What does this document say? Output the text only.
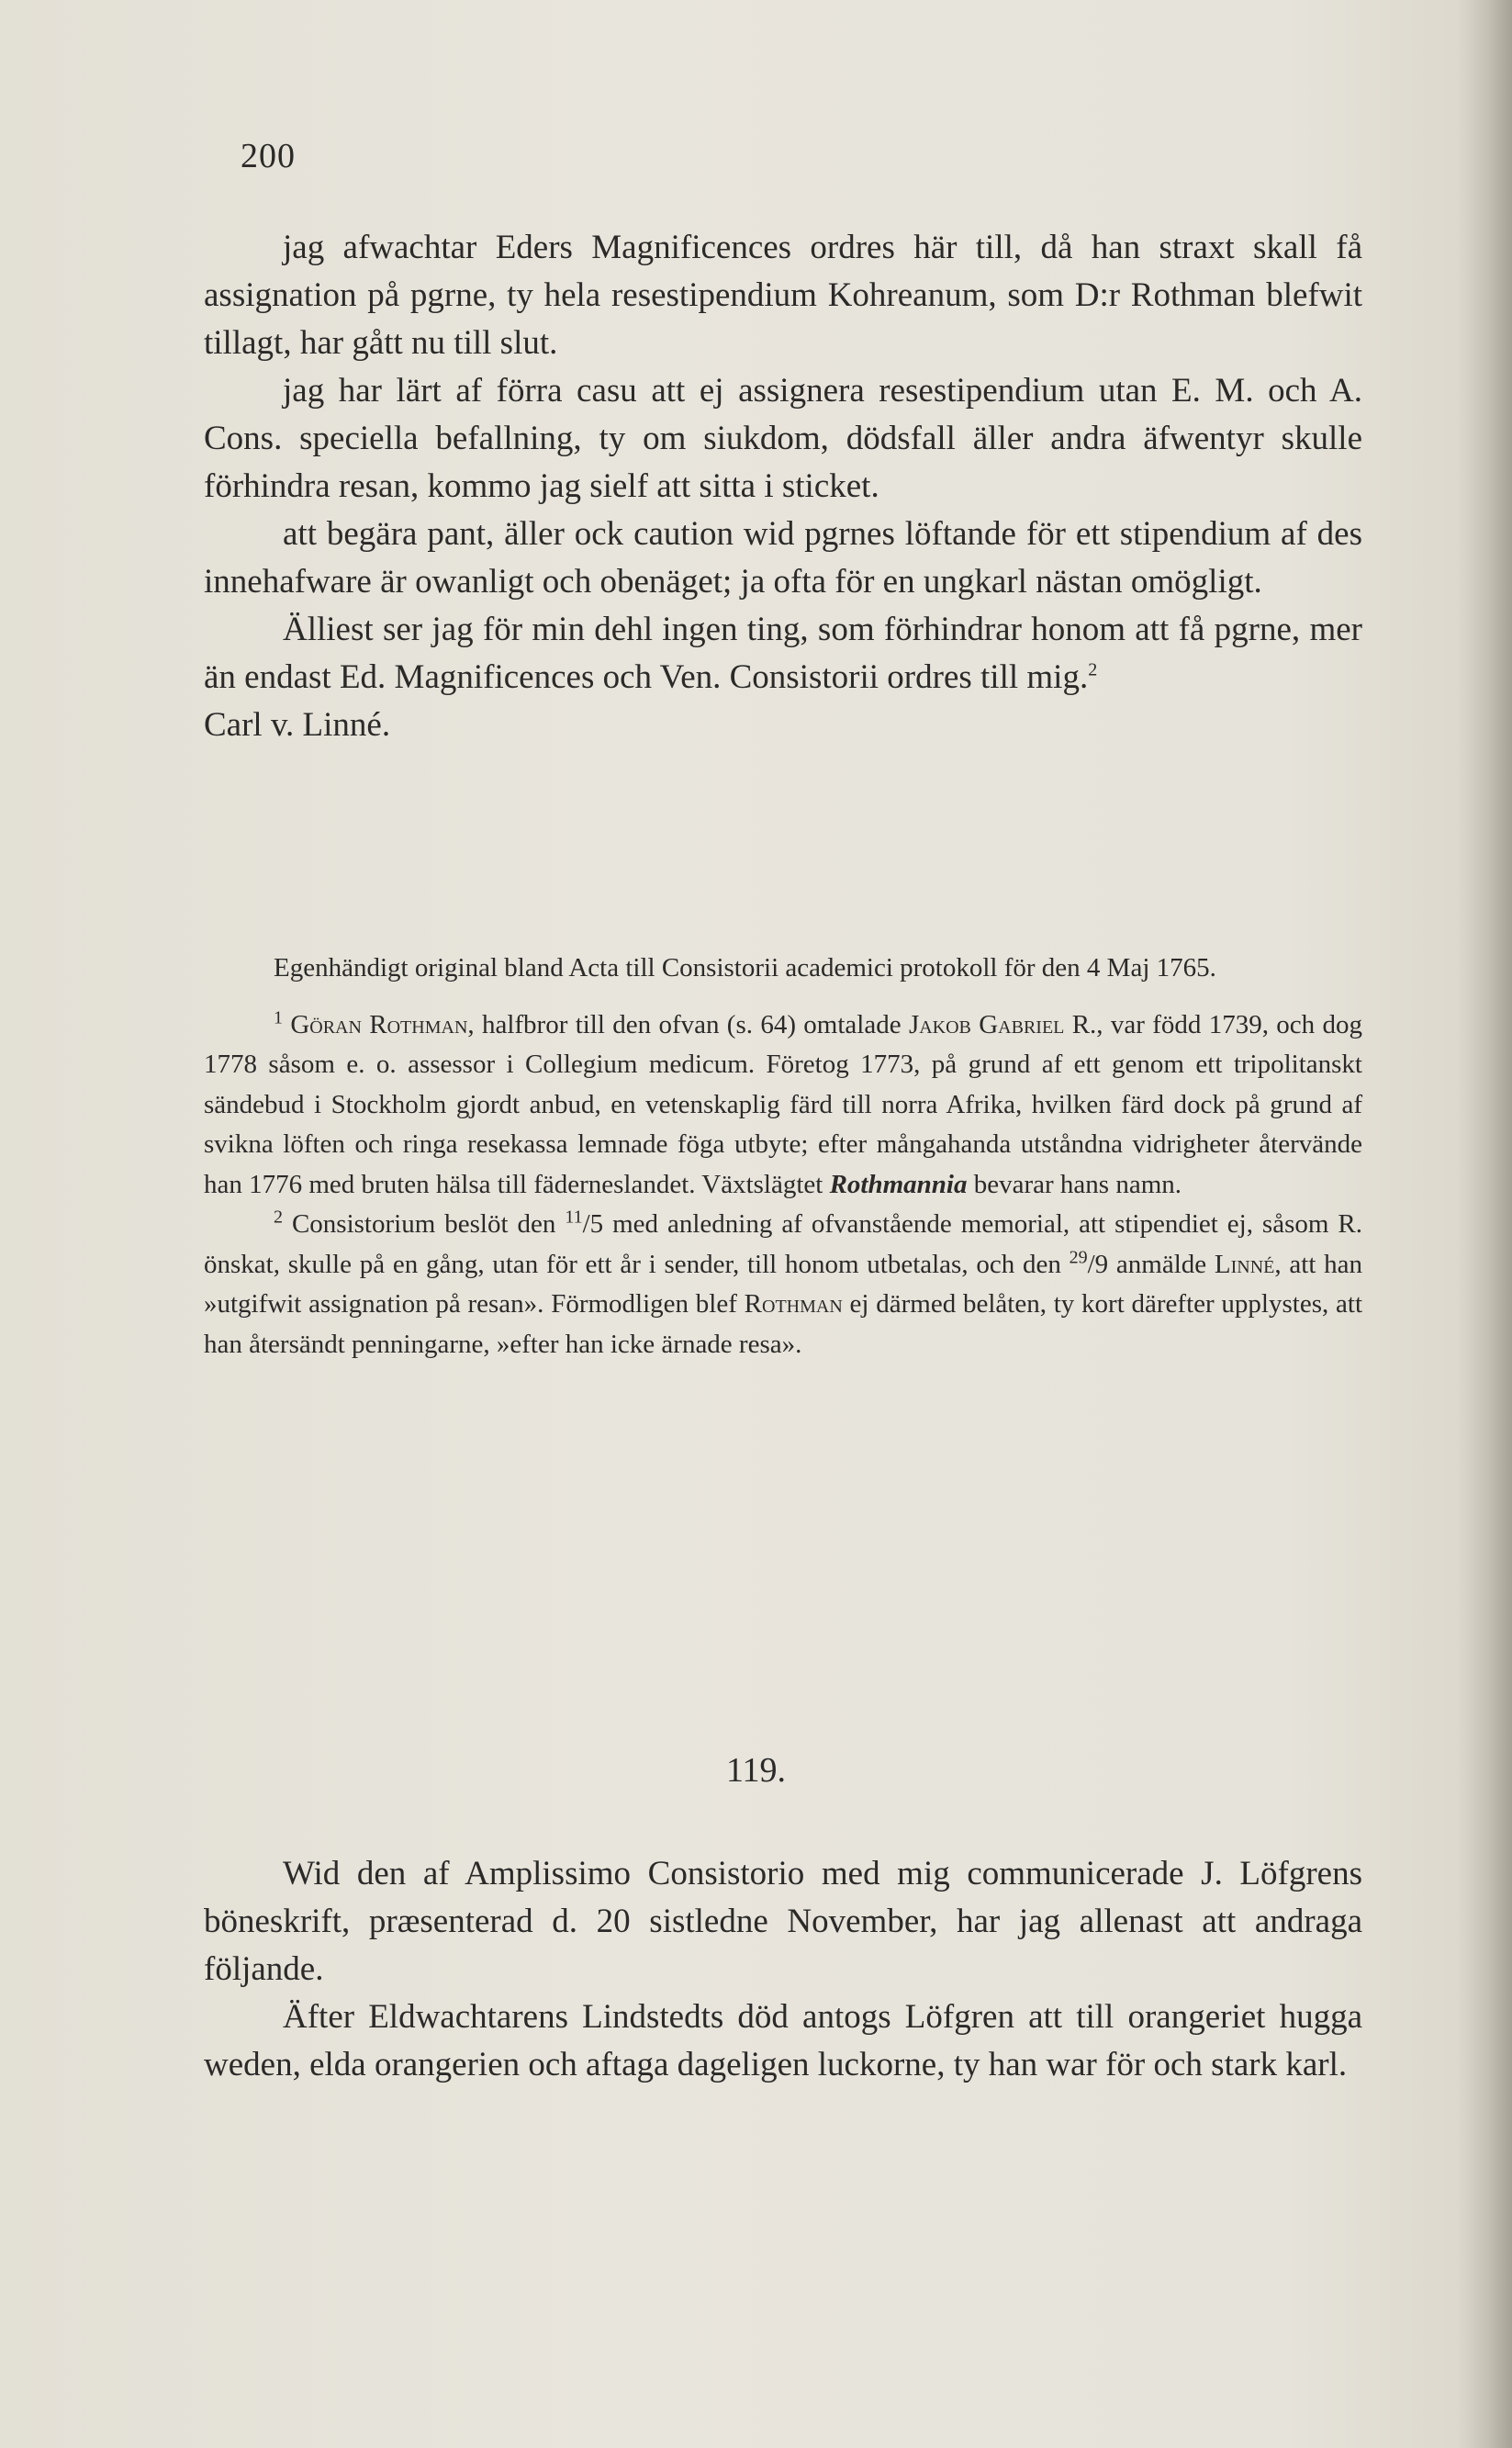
200

jag afwachtar Eders Magnificences ordres här till, då han straxt skall få assignation på pgrne, ty hela resestipendium Kohreanum, som D:r Rothman blefwit tillagt, har gått nu till slut.

jag har lärt af förra casu att ej assignera resestipendium utan E. M. och A. Cons. speciella befallning, ty om siukdom, dödsfall äller andra äfwentyr skulle förhindra resan, kommo jag sielf att sitta i sticket.

att begära pant, äller ock caution wid pgrnes löftande för ett stipendium af des innehafware är owanligt och obenäget; ja ofta för en ungkarl nästan omögligt.

Älliest ser jag för min dehl ingen ting, som förhindrar honom att få pgrne, mer än endast Ed. Magnificences och Ven. Consistorii ordres till mig.$^2$

Carl v. Linné.

Egenhändigt original bland Acta till Consistorii academici protokoll för den 4 Maj 1765.

$^1$ Göran Rothman, halfbror till den ofvan (s. 64) omtalade Jakob Gabriel R., var född 1739, och dog 1778 såsom e. o. assessor i Collegium medicum. Företog 1773, på grund af ett genom ett tripolitanskt sändebud i Stockholm gjordt anbud, en vetenskaplig färd till norra Afrika, hvilken färd dock på grund af svikna löften och ringa resekassa lemnade föga utbyte; efter mångahanda utståndna vidrigheter återvände han 1776 med bruten hälsa till fäderneslandet. Växtslägtet Rothmannia bevarar hans namn.

$^2$ Consistorium beslöt den $^{11}$/5 med anledning af ofvanstående memorial, att stipendiet ej, såsom R. önskat, skulle på en gång, utan för ett år i sender, till honom utbetalas, och den $^{29}$/9 anmälde Linné, att han »utgifwit assignation på resan». Förmodligen blef Rothman ej därmed belåten, ty kort därefter upplystes, att han återsändt penningarne, »efter han icke ärnade resa».

119.

Wid den af Amplissimo Consistorio med mig communicerade J. Löfgrens böneskrift, præsenterad d. 20 sistledne November, har jag allenast att andraga följande.

Äfter Eldwachtarens Lindstedts död antogs Löfgren att till orangeriet hugga weden, elda orangerien och aftaga dageligen luckorne, ty han war för och stark karl.
